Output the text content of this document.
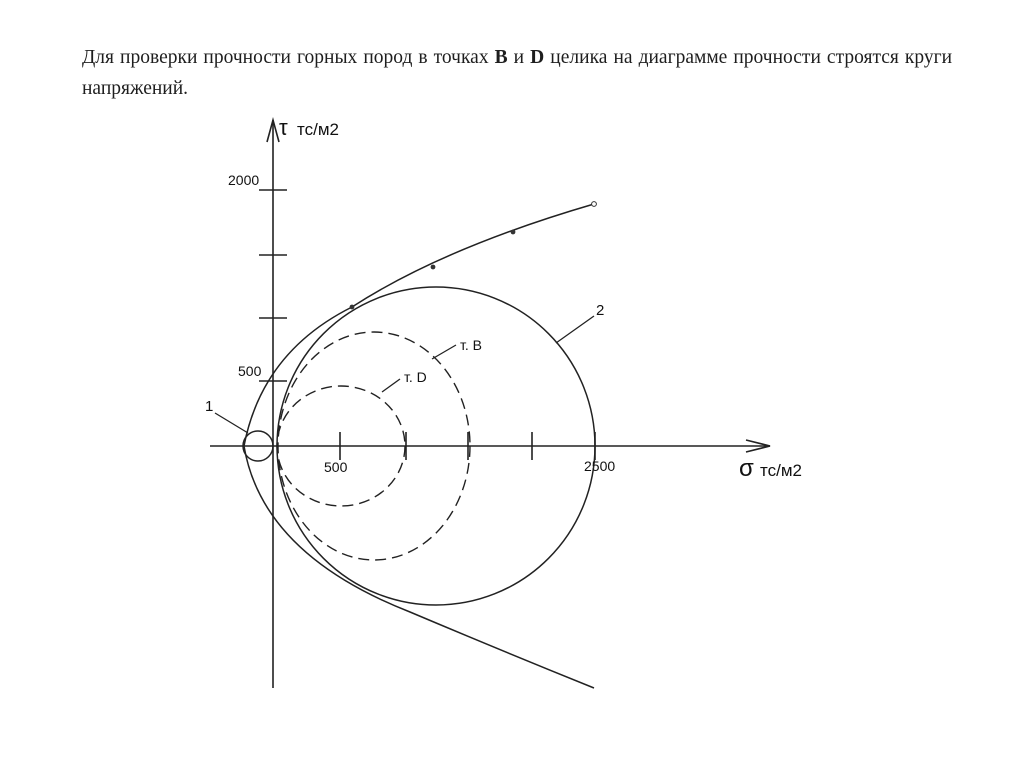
Для проверки прочности горных пород в точках B и D целика на диаграмме прочности строятся круги напряжений.
τ тс/м2
σ тс/м2
2000
500
500	2500
1
2
т. В
т. D
